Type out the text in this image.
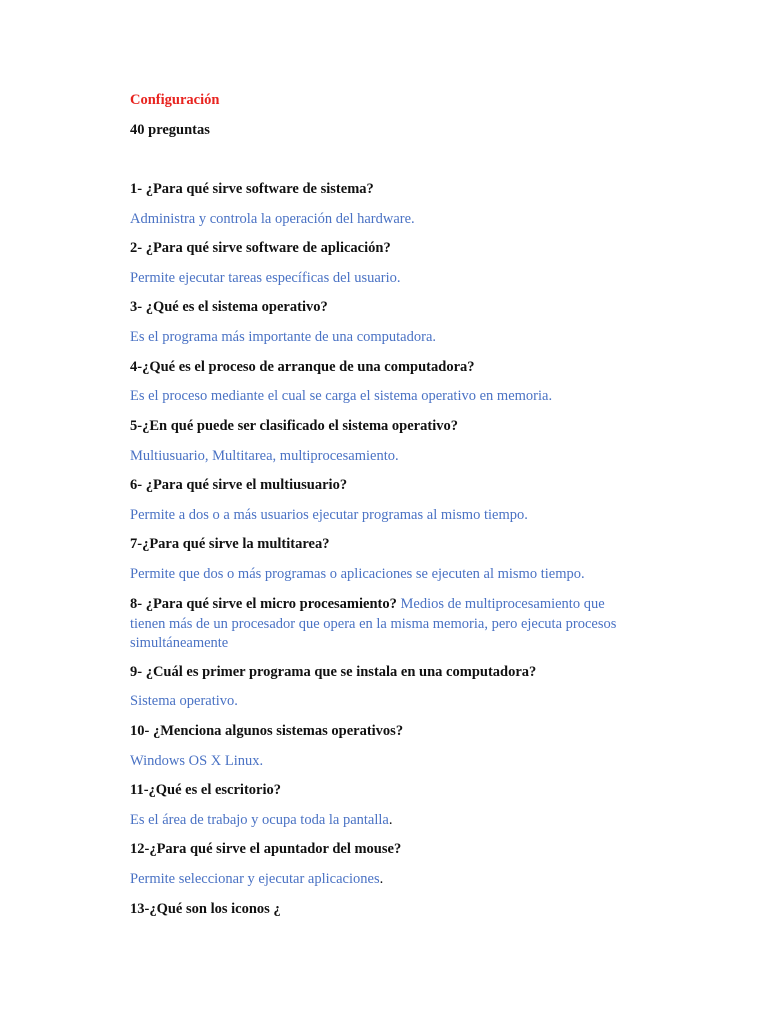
Configuración
40 preguntas
1- ¿Para qué sirve software de sistema?
Administra y controla la operación del hardware.
2- ¿Para qué sirve software de aplicación?
Permite ejecutar tareas específicas del usuario.
3- ¿Qué es el sistema operativo?
Es el programa más importante de una computadora.
4-¿Qué es el proceso de arranque de una computadora?
Es el proceso mediante el cual se carga el sistema operativo en memoria.
5-¿En qué puede ser clasificado el sistema operativo?
Multiusuario, Multitarea, multiprocesamiento.
6- ¿Para qué sirve el multiusuario?
Permite a dos o a más usuarios ejecutar programas al mismo tiempo.
7-¿Para qué sirve la multitarea?
Permite que dos o más programas o aplicaciones se ejecuten al mismo tiempo.
8- ¿Para qué sirve el micro procesamiento? Medios de multiprocesamiento que tienen más de un procesador que opera en la misma memoria, pero ejecuta procesos simultáneamente
9- ¿Cuál es primer programa que se instala en una computadora?
Sistema operativo.
10- ¿Menciona algunos sistemas operativos?
Windows OS X Linux.
11-¿Qué es el escritorio?
Es el área de trabajo y ocupa toda la pantalla.
12-¿Para qué sirve el apuntador del mouse?
Permite seleccionar y ejecutar aplicaciones.
13-¿Qué son los iconos ¿
